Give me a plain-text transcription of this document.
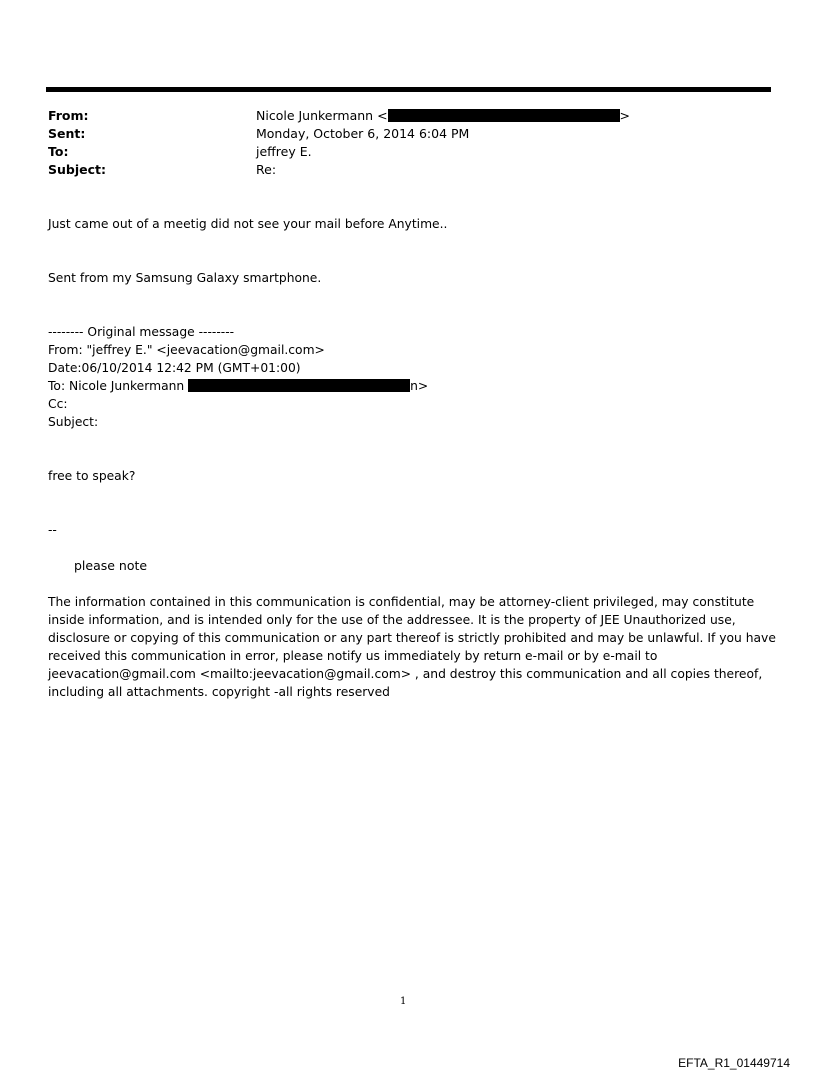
From:	Nicole Junkermann <	>
Sent:	Monday, October 6, 2014 6:04 PM
To:	jeffrey E.
Subject:	Re:
Just came out of a meetig did not see your mail before Anytime..
Sent from my Samsung Galaxy smartphone.
-------- Original message --------
From: "jeffrey E." <jeevacation@gmail.com>
Date:06/10/2014 12:42 PM (GMT+01:00)
To: Nicole Junkermann	n>
Cc:
Subject:
free to speak?
--
please note

The information contained in this communication is confidential, may be attorney-client privileged, may constitute

inside information, and is intended only for the use of the addressee. It is the property of JEE Unauthorized use,

disclosure or copying of this communication or any part thereof is strictly prohibited and may be unlawful. If you have

received this communication in error, please notify us immediately by return e-mail or by e-mail to

jeevacation@gmail.com <mailto:jeevacation@gmail.com> , and destroy this communication and all copies thereof,

including all attachments. copyright -all rights reserved

1
EFTA_R1_01449714
